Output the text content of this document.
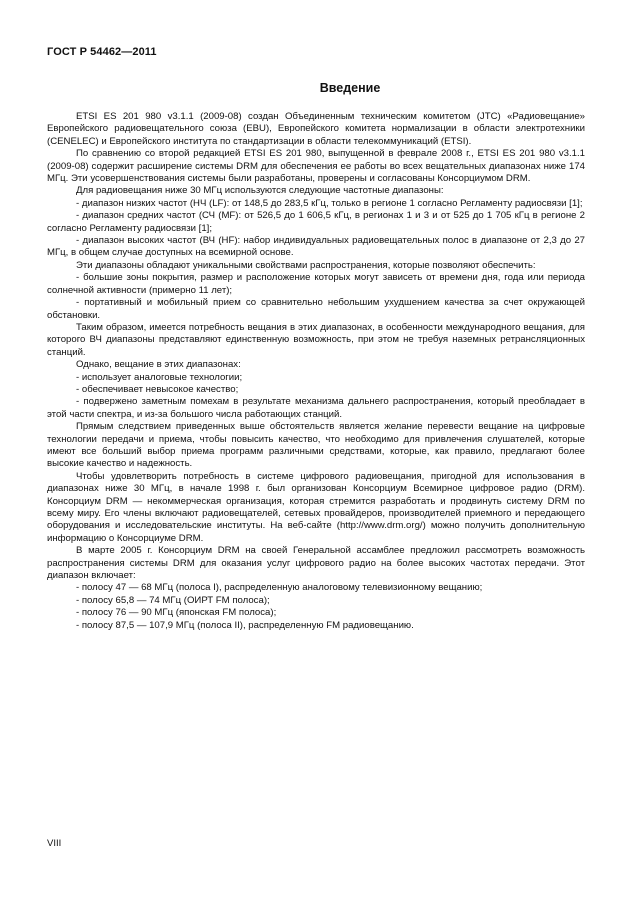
ГОСТ Р 54462—2011
Введение

ETSI ES 201 980 v3.1.1 (2009-08) создан Объединенным техническим комитетом (JTC) «Радиовещание» Европейского радиовещательного союза (EBU), Европейского комитета нормализации в области электротехники (CENELEC) и Европейского института по стандартизации в области телекоммуникаций (ETSI).

По сравнению со второй редакцией ETSI ES 201 980, выпущенной в феврале 2008 г., ETSI ES 201 980 v3.1.1 (2009-08) содержит расширение системы DRM для обеспечения ее работы во всех вещательных диапазонах ниже 174 МГц. Эти усовершенствования системы были разработаны, проверены и согласованы Консорциумом DRM.

Для радиовещания ниже 30 МГц используются следующие частотные диапазоны:

- диапазон низких частот (НЧ (LF): от 148,5 до 283,5 кГц, только в регионе 1 согласно Регламенту радиосвязи [1];

- диапазон средних частот (СЧ (MF): от 526,5 до 1 606,5 кГц, в регионах 1 и 3 и от 525 до 1 705 кГц в регионе 2 согласно Регламенту радиосвязи [1];

- диапазон высоких частот (ВЧ (HF): набор индивидуальных радиовещательных полос в диапазоне от 2,3 до 27 МГц, в общем случае доступных на всемирной основе.

Эти диапазоны обладают уникальными свойствами распространения, которые позволяют обеспечить:

- большие зоны покрытия, размер и расположение которых могут зависеть от времени дня, года или периода солнечной активности (примерно 11 лет);

- портативный и мобильный прием со сравнительно небольшим ухудшением качества за счет окружающей обстановки.

Таким образом, имеется потребность вещания в этих диапазонах, в особенности международного вещания, для которого ВЧ диапазоны представляют единственную возможность, при этом не требуя наземных ретрансляционных станций.

Однако, вещание в этих диапазонах:

- использует аналоговые технологии;

- обеспечивает невысокое качество;

- подвержено заметным помехам в результате механизма дальнего распространения, который преобладает в этой части спектра, и из-за большого числа работающих станций.

Прямым следствием приведенных выше обстоятельств является желание перевести вещание на цифровые технологии передачи и приема, чтобы повысить качество, что необходимо для привлечения слушателей, которые имеют все больший выбор приема программ различными средствами, которые, как правило, предлагают более высокие качество и надежность.

Чтобы удовлетворить потребность в системе цифрового радиовещания, пригодной для использования в диапазонах ниже 30 МГц, в начале 1998 г. был организован Консорциум Всемирное цифровое радио (DRM). Консорциум DRM — некоммерческая организация, которая стремится разработать и продвинуть систему DRM по всему миру. Его члены включают радиовещателей, сетевых провайдеров, производителей приемного и передающего оборудования и исследовательские институты. На веб-сайте (http://www.drm.org/) можно получить дополнительную информацию о Консорциуме DRM.

В марте 2005 г. Консорциум DRM на своей Генеральной ассамблее предложил рассмотреть возможность распространения системы DRM для оказания услуг цифрового радио на более высоких частотах передачи. Этот диапазон включает:

- полосу 47 — 68 МГц (полоса I), распределенную аналоговому телевизионному вещанию;

- полосу 65,8 — 74 МГц (ОИРТ FM полоса);

- полосу 76 — 90 МГц (японская FM полоса);

- полосу 87,5 — 107,9 МГц (полоса II), распределенную FM радиовещанию.

VIII
